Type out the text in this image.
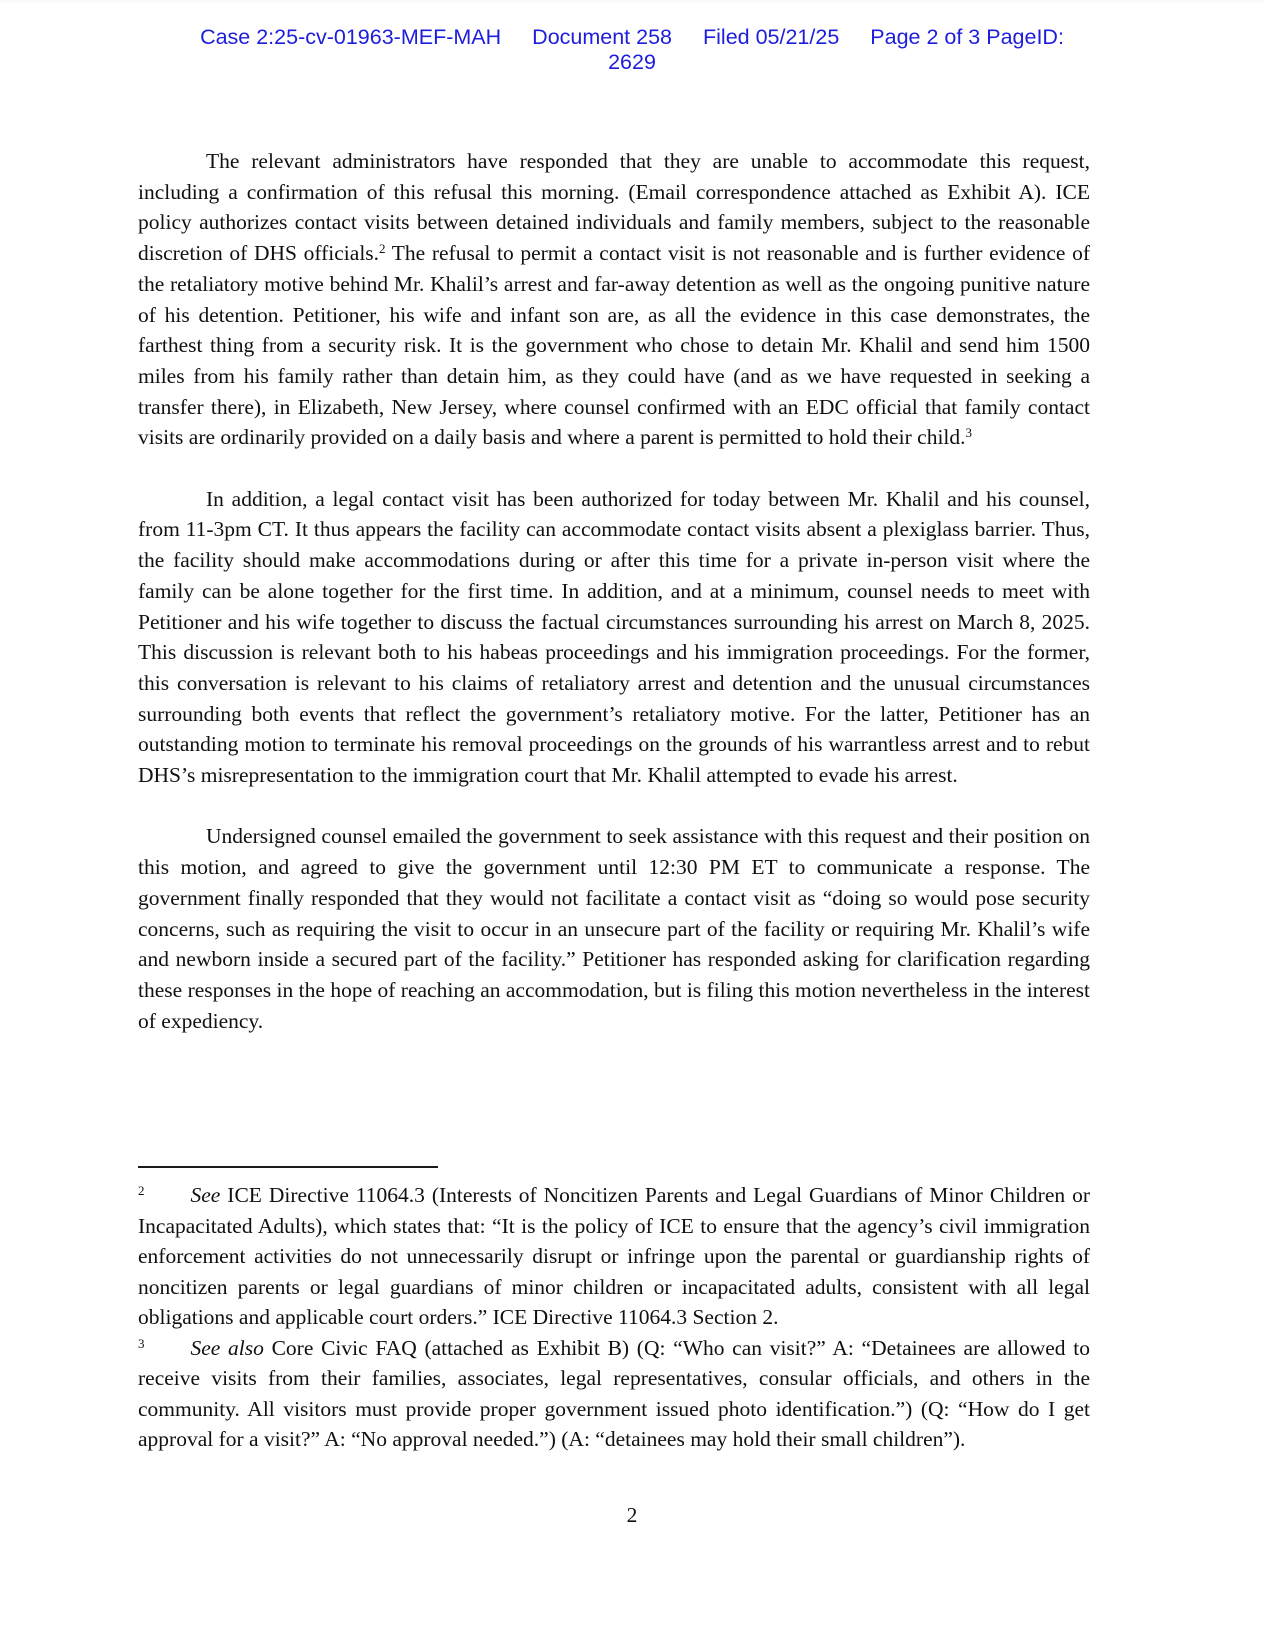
Case 2:25-cv-01963-MEF-MAH Document 258 Filed 05/21/25 Page 2 of 3 PageID:
2629

The relevant administrators have responded that they are unable to accommodate this request, including a confirmation of this refusal this morning. (Email correspondence attached as Exhibit A). ICE policy authorizes contact visits between detained individuals and family members, subject to the reasonable discretion of DHS officials.$^2$ The refusal to permit a contact visit is not reasonable and is further evidence of the retaliatory motive behind Mr. Khalil’s arrest and far-away detention as well as the ongoing punitive nature of his detention. Petitioner, his wife and infant son are, as all the evidence in this case demonstrates, the farthest thing from a security risk. It is the government who chose to detain Mr. Khalil and send him 1500 miles from his family rather than detain him, as they could have (and as we have requested in seeking a transfer there), in Elizabeth, New Jersey, where counsel confirmed with an EDC official that family contact visits are ordinarily provided on a daily basis and where a parent is permitted to hold their child.$^3$

In addition, a legal contact visit has been authorized for today between Mr. Khalil and his counsel, from 11-3pm CT. It thus appears the facility can accommodate contact visits absent a plexiglass barrier. Thus, the facility should make accommodations during or after this time for a private in-person visit where the family can be alone together for the first time. In addition, and at a minimum, counsel needs to meet with Petitioner and his wife together to discuss the factual circumstances surrounding his arrest on March 8, 2025. This discussion is relevant both to his habeas proceedings and his immigration proceedings. For the former, this conversation is relevant to his claims of retaliatory arrest and detention and the unusual circumstances surrounding both events that reflect the government’s retaliatory motive. For the latter, Petitioner has an outstanding motion to terminate his removal proceedings on the grounds of his warrantless arrest and to rebut DHS’s misrepresentation to the immigration court that Mr. Khalil attempted to evade his arrest.

Undersigned counsel emailed the government to seek assistance with this request and their position on this motion, and agreed to give the government until 12:30 PM ET to communicate a response. The government finally responded that they would not facilitate a contact visit as “doing so would pose security concerns, such as requiring the visit to occur in an unsecure part of the facility or requiring Mr. Khalil’s wife and newborn inside a secured part of the facility.” Petitioner has responded asking for clarification regarding these responses in the hope of reaching an accommodation, but is filing this motion nevertheless in the interest of expediency.

$^2$ See ICE Directive 11064.3 (Interests of Noncitizen Parents and Legal Guardians of Minor Children or Incapacitated Adults), which states that: “It is the policy of ICE to ensure that the agency’s civil immigration enforcement activities do not unnecessarily disrupt or infringe upon the parental or guardianship rights of noncitizen parents or legal guardians of minor children or incapacitated adults, consistent with all legal obligations and applicable court orders.” ICE Directive 11064.3 Section 2.

$^3$ See also Core Civic FAQ (attached as Exhibit B) (Q: “Who can visit?” A: “Detainees are allowed to receive visits from their families, associates, legal representatives, consular officials, and others in the community. All visitors must provide proper government issued photo identification.”) (Q: “How do I get approval for a visit?” A: “No approval needed.”) (A: “detainees may hold their small children”).

2
